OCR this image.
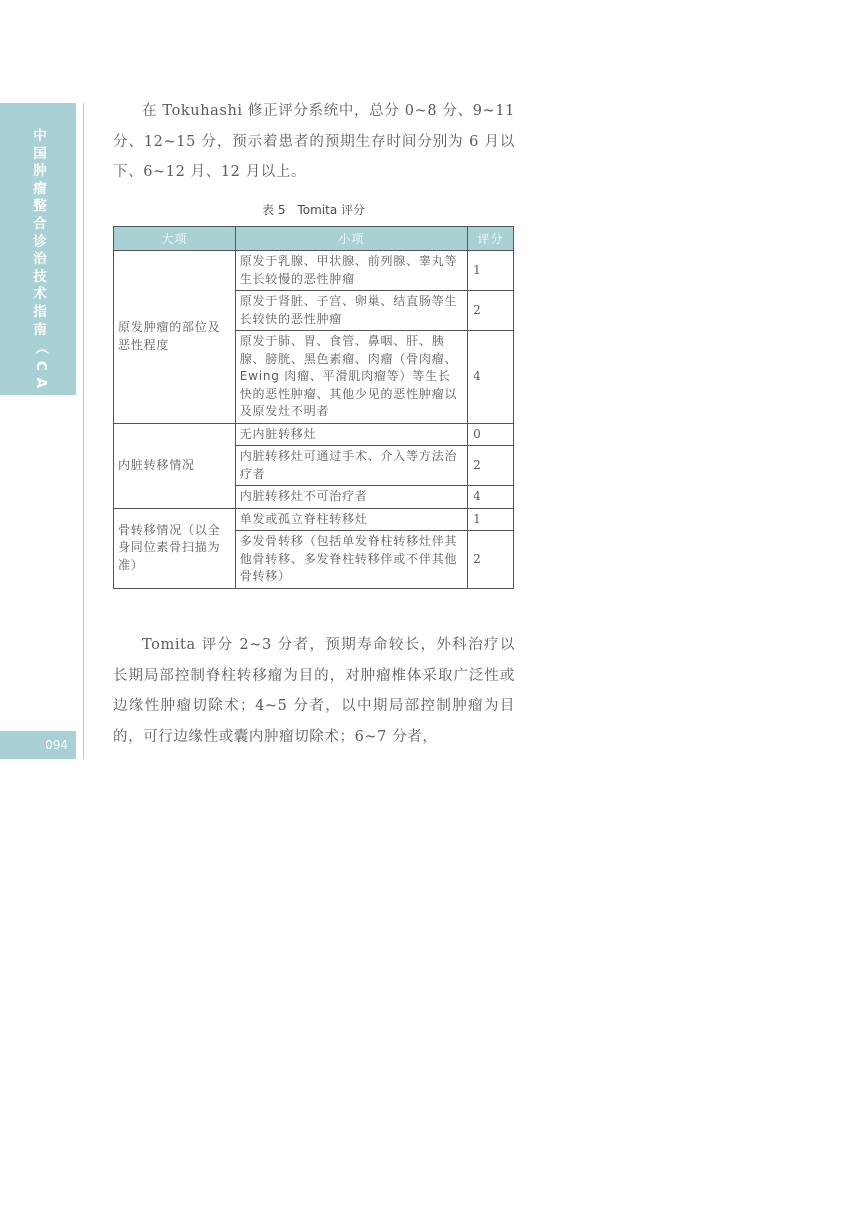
中
国
肿
瘤
整
合
诊
治
技
术
指
南
（
C
A
C
A
）
094

在 Tokuhashi 修正评分系统中，总分 0~8 分、9~11 分、12~15 分，预示着患者的预期生存时间分别为 6 月以下、6~12 月、12 月以上。

表 5 Tomita 评分
大项	小项	评分
原发肿瘤的部位及恶性程度	原发于乳腺、甲状腺、前列腺、睾丸等生长较慢的恶性肿瘤	1
	原发于肾脏、子宫、卵巢、结直肠等生长较快的恶性肿瘤	2
	原发于肺、胃、食管、鼻咽、肝、胰腺、膀胱、黑色素瘤、肉瘤（骨肉瘤、Ewing 肉瘤、平滑肌肉瘤等）等生长快的恶性肿瘤、其他少见的恶性肿瘤以及原发灶不明者	4
内脏转移情况	无内脏转移灶	0
	内脏转移灶可通过手术、介入等方法治疗者	2
	内脏转移灶不可治疗者	4
骨转移情况（以全身同位素骨扫描为准）	单发或孤立脊柱转移灶	1
	多发骨转移（包括单发脊柱转移灶伴其他骨转移、多发脊柱转移伴或不伴其他骨转移）	2

Tomita 评分 2~3 分者，预期寿命较长，外科治疗以长期局部控制脊柱转移瘤为目的，对肿瘤椎体采取广泛性或边缘性肿瘤切除术；4~5 分者，以中期局部控制肿瘤为目的，可行边缘性或囊内肿瘤切除术；6~7 分者，
